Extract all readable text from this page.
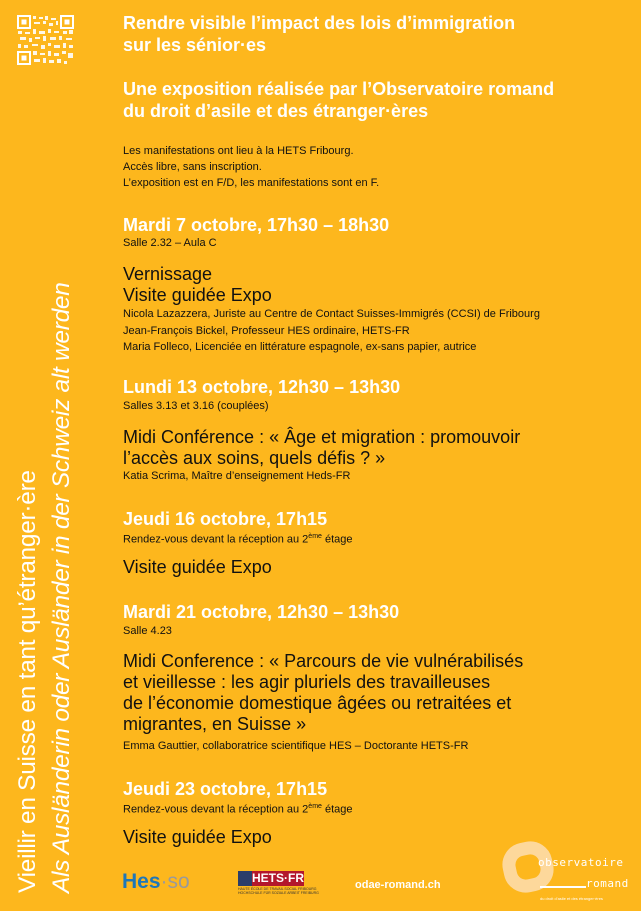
Vieillir en Suisse en tant qu’étranger·ère Als Ausländerin oder Ausländer in der Schweiz alt werden
Rendre visible l’impact des lois d’immigration
sur les sénior·es
Une exposition réalisée par l’Observatoire romand
du droit d’asile et des étranger·ères
Les manifestations ont lieu à la HETS Fribourg.
Accès libre, sans inscription.
L’exposition est en F/D, les manifestations sont en F.
Mardi 7 octobre, 17h30 – 18h30
Salle 2.32 – Aula C
Vernissage
Visite guidée Expo
Nicola Lazazzera, Juriste au Centre de Contact Suisses-Immigrés (CCSI) de Fribourg
Jean-François Bickel, Professeur HES ordinaire, HETS-FR
Maria Folleco, Licenciée en littérature espagnole, ex-sans papier, autrice
Lundi 13 octobre, 12h30 – 13h30
Salles 3.13 et 3.16 (couplées)
Midi Conférence : « Âge et migration : promouvoir
l’accès aux soins, quels défis ? »
Katia Scrima, Maître d’enseignement Heds-FR
Jeudi 16 octobre, 17h15
Rendez-vous devant la réception au 2ème étage
Visite guidée Expo
Mardi 21 octobre, 12h30 – 13h30
Salle 4.23
Midi Conference : « Parcours de vie vulnérabilisés
et vieillesse : les agir pluriels des travailleuses
de l’économie domestique âgées ou retraitées et
migrantes, en Suisse »
Emma Gauttier, collaboratrice scientifique HES – Doctorante HETS-FR
Jeudi 23 octobre, 17h15
Rendez-vous devant la réception au 2ème étage
Visite guidée Expo
Hes·so	HETS·FR
HAUTE ÉCOLE DE TRAVAIL SOCIAL FRIBOURG
HOCHSCHULE FÜR SOZIALE ARBEIT FREIBURG
odae-romand.ch
observatoire
romand
du droit d’asile et des étranger·ères
